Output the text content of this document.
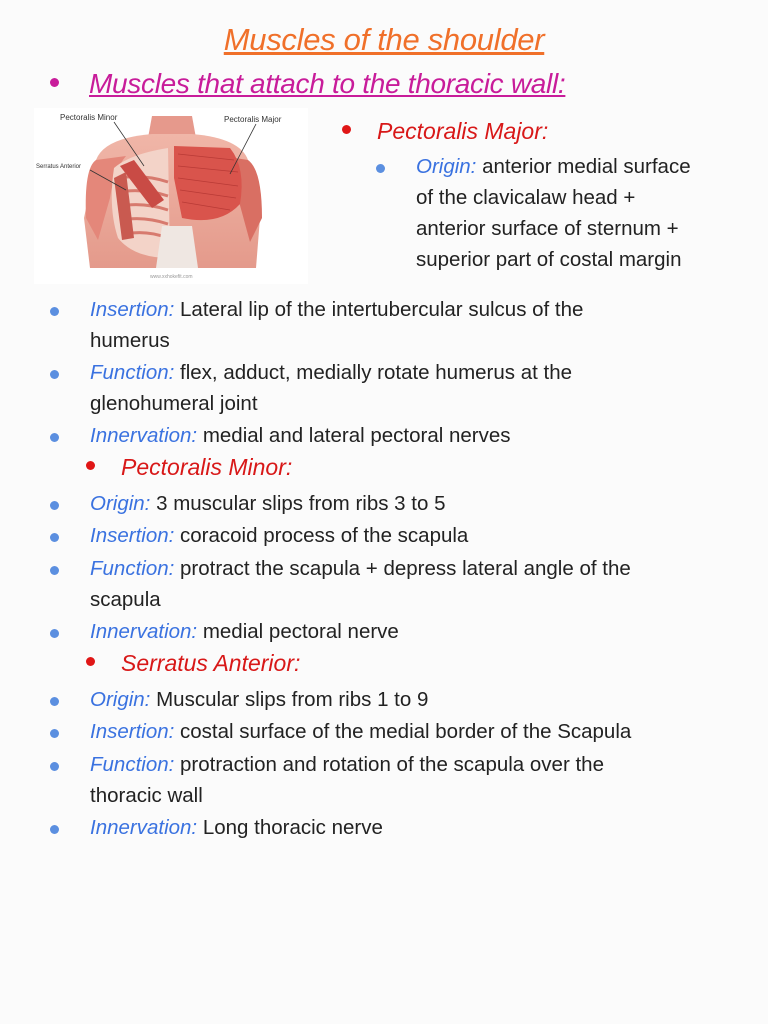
Muscles of the shoulder
Muscles that attach to the thoracic wall:
Pectoralis Minor	Pectoralis Major
Serratus Anterior
www.xxhokefit.com
Pectoralis Major:
Origin: anterior medial surface
of the clavicalaw head +
anterior surface of sternum +
superior part of costal margin
Insertion: Lateral lip of the intertubercular sulcus of the
humerus
Function: flex, adduct, medially rotate humerus at the
glenohumeral joint
Innervation: medial and lateral pectoral nerves
Pectoralis Minor:
Origin: 3 muscular slips from ribs 3 to 5
Insertion: coracoid process of the scapula
Function: protract the scapula + depress lateral angle of the
scapula
Innervation: medial pectoral nerve
Serratus Anterior:
Origin: Muscular slips from ribs 1 to 9
Insertion: costal surface of the medial border of the Scapula
Function: protraction and rotation of the scapula over the
thoracic wall
Innervation: Long thoracic nerve
